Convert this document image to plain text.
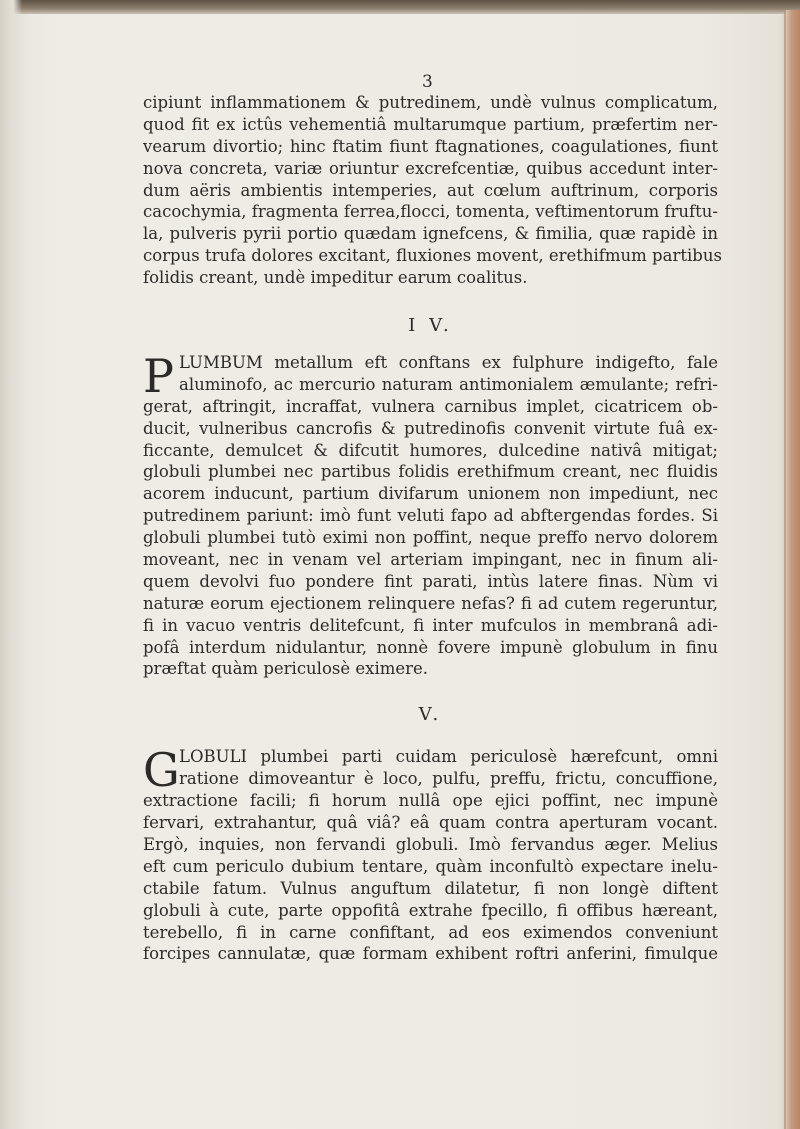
3
cipiunt inflammationem & putredinem, undè vulnus complicatum,
quod fit ex ictûs vehementiâ multarumque partium, præfertim ner-
vearum divortio; hinc ftatim fiunt ftagnationes, coagulationes, fiunt
nova concreta, variæ oriuntur excrefcentiæ, quibus accedunt inter-
dum aëris ambientis intemperies, aut cœlum auftrinum, corporis
cacochymia, fragmenta ferrea,flocci, tomenta, veftimentorum fruftu-
la, pulveris pyrii portio quædam ignefcens, & fimilia, quæ rapidè in
corpus trufa dolores excitant, fluxiones movent, erethifmum partibus
folidis creant, undè impeditur earum coalitus.
I V.
P LUMBUM metallum eft conftans ex fulphure indigefto, fale
aluminofo, ac mercurio naturam antimonialem æmulante; refri-
gerat, aftringit, incraffat, vulnera carnibus implet, cicatricem ob-
ducit, vulneribus cancrofis & putredinofis convenit virtute fuâ ex-
ficcante, demulcet & difcutit humores, dulcedine nativâ mitigat;
globuli plumbei nec partibus folidis erethifmum creant, nec fluidis
acorem inducunt, partium divifarum unionem non impediunt, nec
putredinem pariunt: imò funt veluti fapo ad abftergendas fordes. Si
globuli plumbei tutò eximi non poffint, neque preffo nervo dolorem
moveant, nec in venam vel arteriam impingant, nec in finum ali-
quem devolvi fuo pondere fint parati, intùs latere finas. Nùm vi
naturæ eorum ejectionem relinquere nefas? fi ad cutem regeruntur,
fi in vacuo ventris delitefcunt, fi inter mufculos in membranâ adi-
pofâ interdum nidulantur, nonnè fovere impunè globulum in finu
præftat quàm periculosè eximere.
V.
G LOBULI plumbei parti cuidam periculosè hærefcunt, omni
ratione dimoveantur è loco, pulfu, preffu, frictu, concuffione,
extractione facili; fi horum nullâ ope ejici poffint, nec impunè
fervari, extrahantur, quâ viâ? eâ quam contra aperturam vocant.
Ergò, inquies, non fervandi globuli. Imò fervandus æger. Melius
eft cum periculo dubium tentare, quàm inconfultò expectare inelu-
ctabile fatum. Vulnus anguftum dilatetur, fi non longè diftent
globuli à cute, parte oppofitâ extrahe fpecillo, fi offibus hæreant,
terebello, fi in carne confiftant, ad eos eximendos conveniunt
forcipes cannulatæ, quæ formam exhibent roftri anferini, fimulque
